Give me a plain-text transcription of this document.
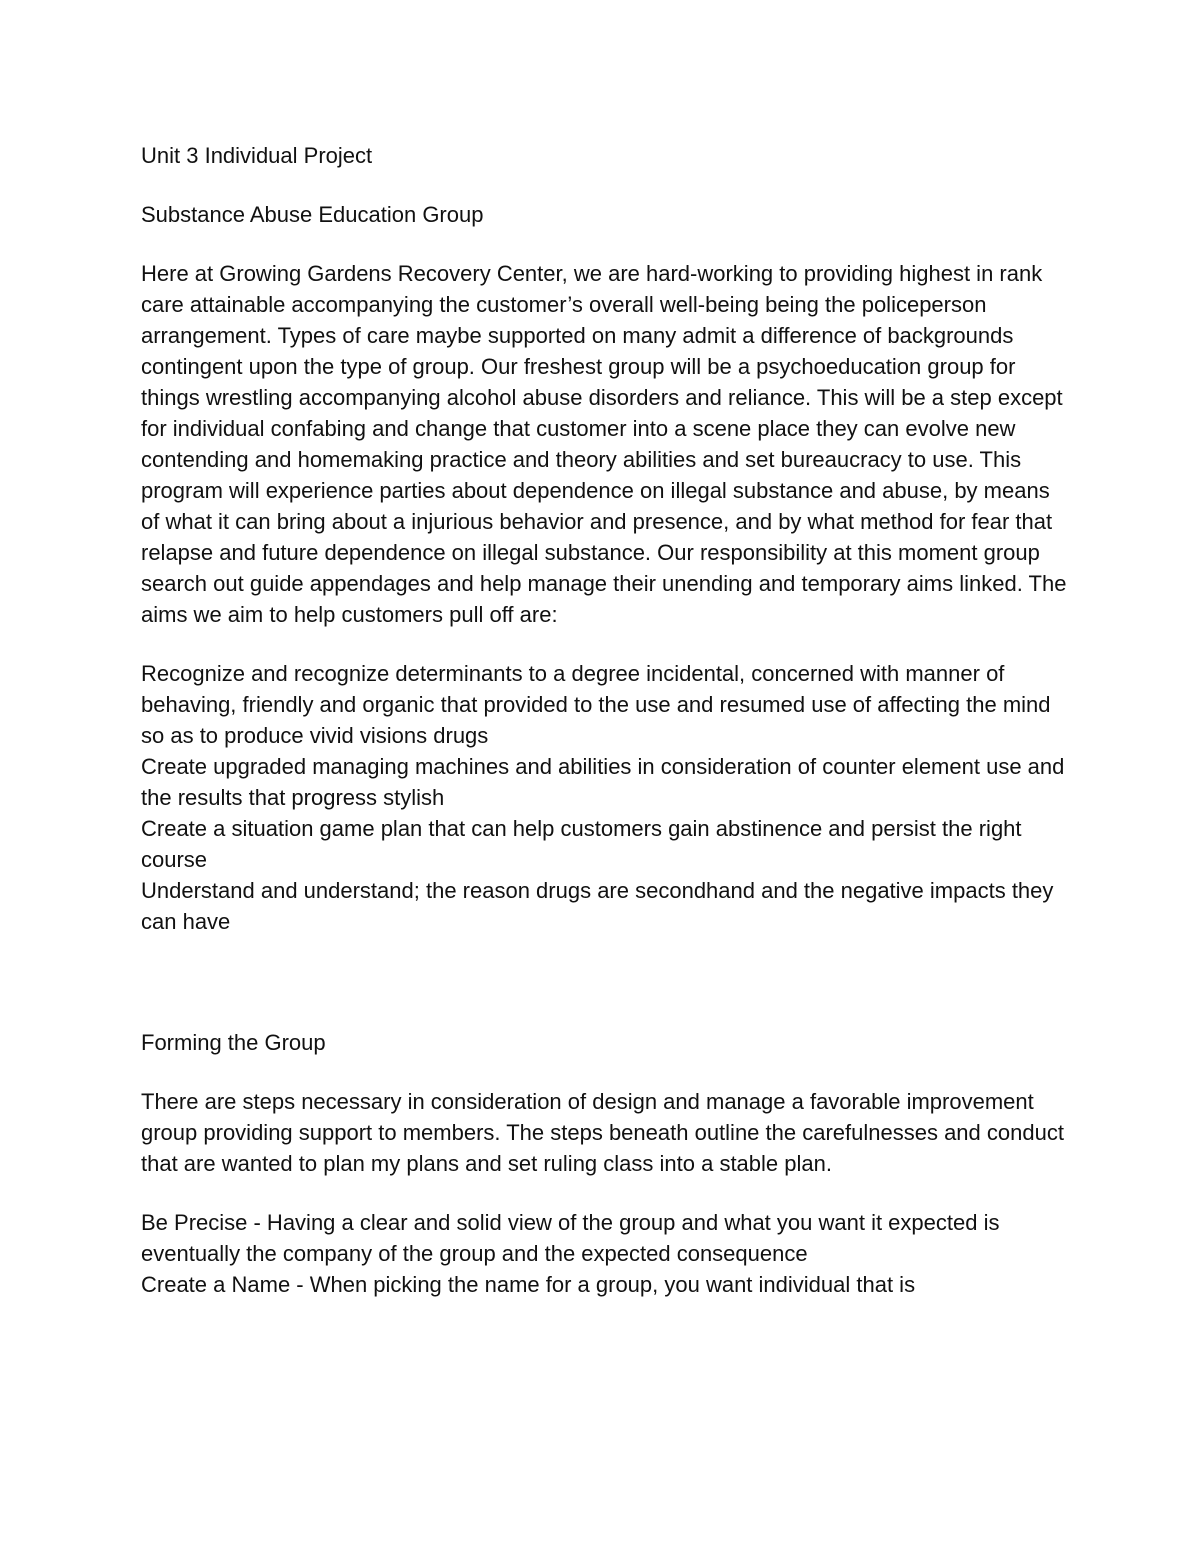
Unit 3 Individual Project

Substance Abuse Education Group

Here at Growing Gardens Recovery Center, we are hard-working to providing highest in rank care attainable accompanying the customer’s overall well-being being the policeperson arrangement. Types of care maybe supported on many admit a difference of backgrounds contingent upon the type of group. Our freshest group will be a psychoeducation group for things wrestling accompanying alcohol abuse disorders and reliance. This will be a step except for individual confabing and change that customer into a scene place they can evolve new contending and homemaking practice and theory abilities and set bureaucracy to use. This program will experience parties about dependence on illegal substance and abuse, by means of what it can bring about a injurious behavior and presence, and by what method for fear that relapse and future dependence on illegal substance. Our responsibility at this moment group search out guide appendages and help manage their unending and temporary aims linked. The aims we aim to help customers pull off are:

Recognize and recognize determinants to a degree incidental, concerned with manner of behaving, friendly and organic that provided to the use and resumed use of affecting the mind so as to produce vivid visions drugs

Create upgraded managing machines and abilities in consideration of counter element use and the results that progress stylish

Create a situation game plan that can help customers gain abstinence and persist the right course

Understand and understand; the reason drugs are secondhand and the negative impacts they can have

Forming the Group

There are steps necessary in consideration of design and manage a favorable improvement group providing support to members. The steps beneath outline the carefulnesses and conduct that are wanted to plan my plans and set ruling class into a stable plan.

Be Precise - Having a clear and solid view of the group and what you want it expected is eventually the company of the group and the expected consequence

Create a Name - When picking the name for a group, you want individual that is
